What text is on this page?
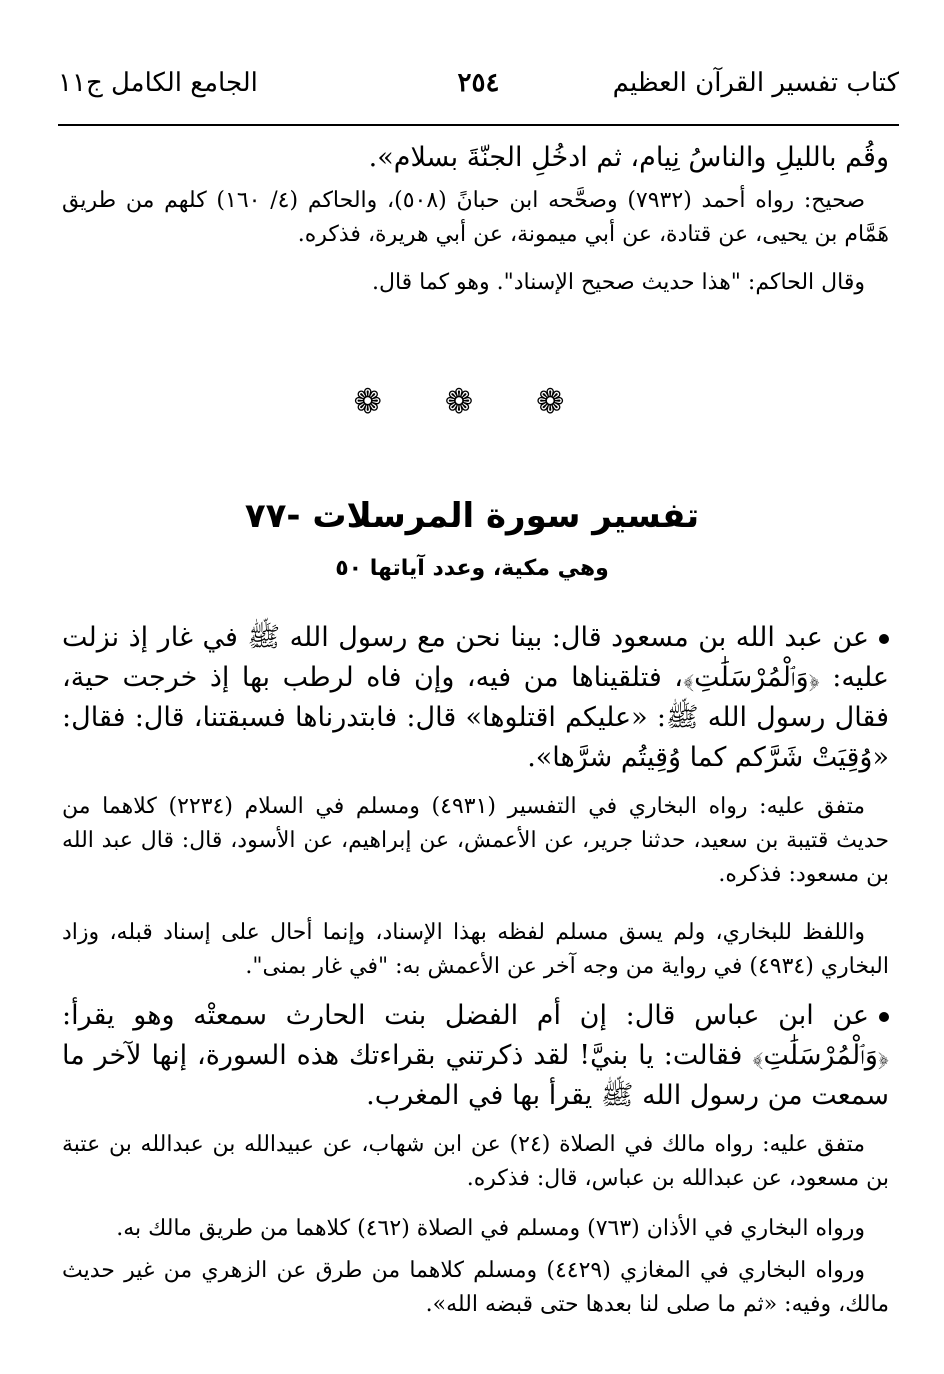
كتاب تفسير القرآن العظيم
٢٥٤
الجامع الكامل ج١١
وقُم بالليلِ والناسُ نِيام، ثم ادخُلِ الجنّةَ بسلام».
صحيح: رواه أحمد (٧٩٣٢) وصحَّحه ابن حبانً (٥٠٨)، والحاكم (٤/ ١٦٠) كلهم من طريق هَمَّام بن يحيى، عن قتادة، عن أبي ميمونة، عن أبي هريرة، فذكره.
وقال الحاكم: "هذا حديث صحيح الإسناد". وهو كما قال.
❁ ❁ ❁
تفسير سورة المرسلات -٧٧
وهي مكية، وعدد آياتها ٥٠
عن عبد الله بن مسعود قال: بينا نحن مع رسول الله ﷺ في غار إذ نزلت عليه: ﴿وَٱلْمُرْسَلَٰتِ﴾، فتلقيناها من فيه، وإن فاه لرطب بها إذ خرجت حية، فقال رسول الله ﷺ: «عليكم اقتلوها» قال: فابتدرناها فسبقتنا، قال: فقال: «وُقِيَتْ شَرَّكم كما وُقِيتُم شرَّها».
متفق عليه: رواه البخاري في التفسير (٤٩٣١) ومسلم في السلام (٢٢٣٤) كلاهما من حديث قتيبة بن سعيد، حدثنا جرير، عن الأعمش، عن إبراهيم، عن الأسود، قال: قال عبد الله بن مسعود: فذكره.
واللفظ للبخاري، ولم يسق مسلم لفظه بهذا الإسناد، وإنما أحال على إسناد قبله، وزاد البخاري (٤٩٣٤) في رواية من وجه آخر عن الأعمش به: "في غار بمنى".
عن ابن عباس قال: إن أم الفضل بنت الحارث سمعتْه وهو يقرأ: ﴿وَٱلْمُرْسَلَٰتِ﴾ فقالت: يا بنيَّ! لقد ذكرتني بقراءتك هذه السورة، إنها لآخر ما سمعت من رسول الله ﷺ يقرأ بها في المغرب.
متفق عليه: رواه مالك في الصلاة (٢٤) عن ابن شهاب، عن عبيدالله بن عبدالله بن عتبة بن مسعود، عن عبدالله بن عباس، قال: فذكره.
ورواه البخاري في الأذان (٧٦٣) ومسلم في الصلاة (٤٦٢) كلاهما من طريق مالك به.
ورواه البخاري في المغازي (٤٤٢٩) ومسلم كلاهما من طرق عن الزهري من غير حديث مالك، وفيه: «ثم ما صلى لنا بعدها حتى قبضه الله».
